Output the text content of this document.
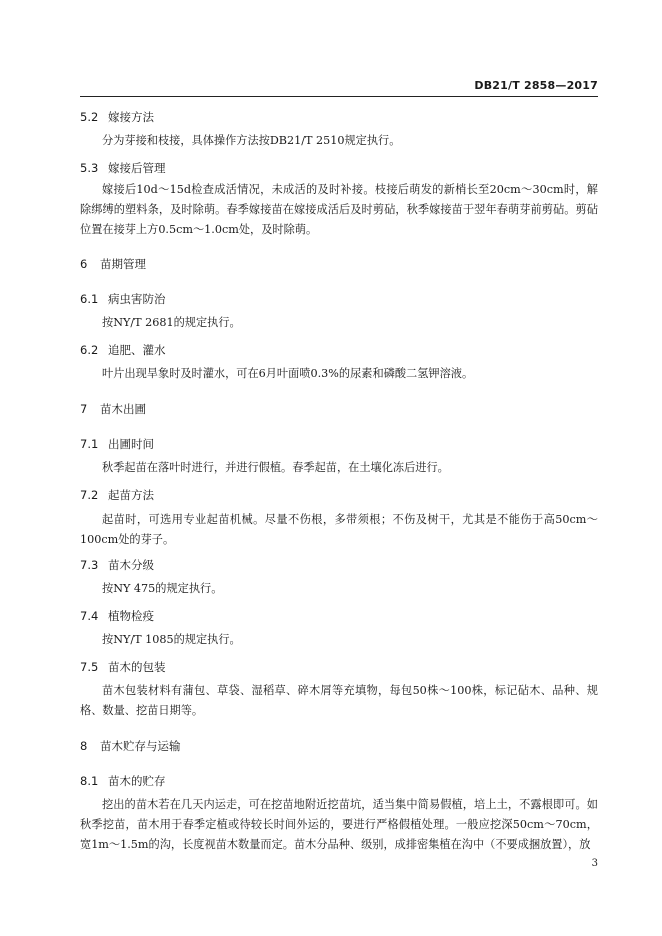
DB21/T 2858—2017
5.2 嫁接方法
分为芽接和枝接，具体操作方法按DB21/T 2510规定执行。
5.3 嫁接后管理
嫁接后10d～15d检查成活情况，未成活的及时补接。枝接后萌发的新梢长至20cm～30cm时，解除绑缚的塑料条，及时除萌。春季嫁接苗在嫁接成活后及时剪砧，秋季嫁接苗于翌年春萌芽前剪砧。剪砧位置在接芽上方0.5cm～1.0cm处，及时除萌。
6 苗期管理
6.1 病虫害防治
按NY/T 2681的规定执行。
6.2 追肥、灌水
叶片出现旱象时及时灌水，可在6月叶面喷0.3%的尿素和磷酸二氢钾溶液。
7 苗木出圃
7.1 出圃时间
秋季起苗在落叶时进行，并进行假植。春季起苗，在土壤化冻后进行。
7.2 起苗方法
起苗时，可选用专业起苗机械。尽量不伤根，多带须根；不伤及树干，尤其是不能伤于高50cm～100cm处的芽子。
7.3 苗木分级
按NY 475的规定执行。
7.4 植物检疫
按NY/T 1085的规定执行。
7.5 苗木的包装
苗木包装材料有蒲包、草袋、湿稻草、碎木屑等充填物，每包50株～100株，标记砧木、品种、规格、数量、挖苗日期等。
8 苗木贮存与运输
8.1 苗木的贮存
挖出的苗木若在几天内运走，可在挖苗地附近挖苗坑，适当集中简易假植，培上土，不露根即可。如秋季挖苗，苗木用于春季定植或待较长时间外运的，要进行严格假植处理。一般应挖深50cm～70cm，宽1m～1.5m的沟，长度视苗木数量而定。苗木分品种、级别，成排密集植在沟中（不要成捆放置），放
3
